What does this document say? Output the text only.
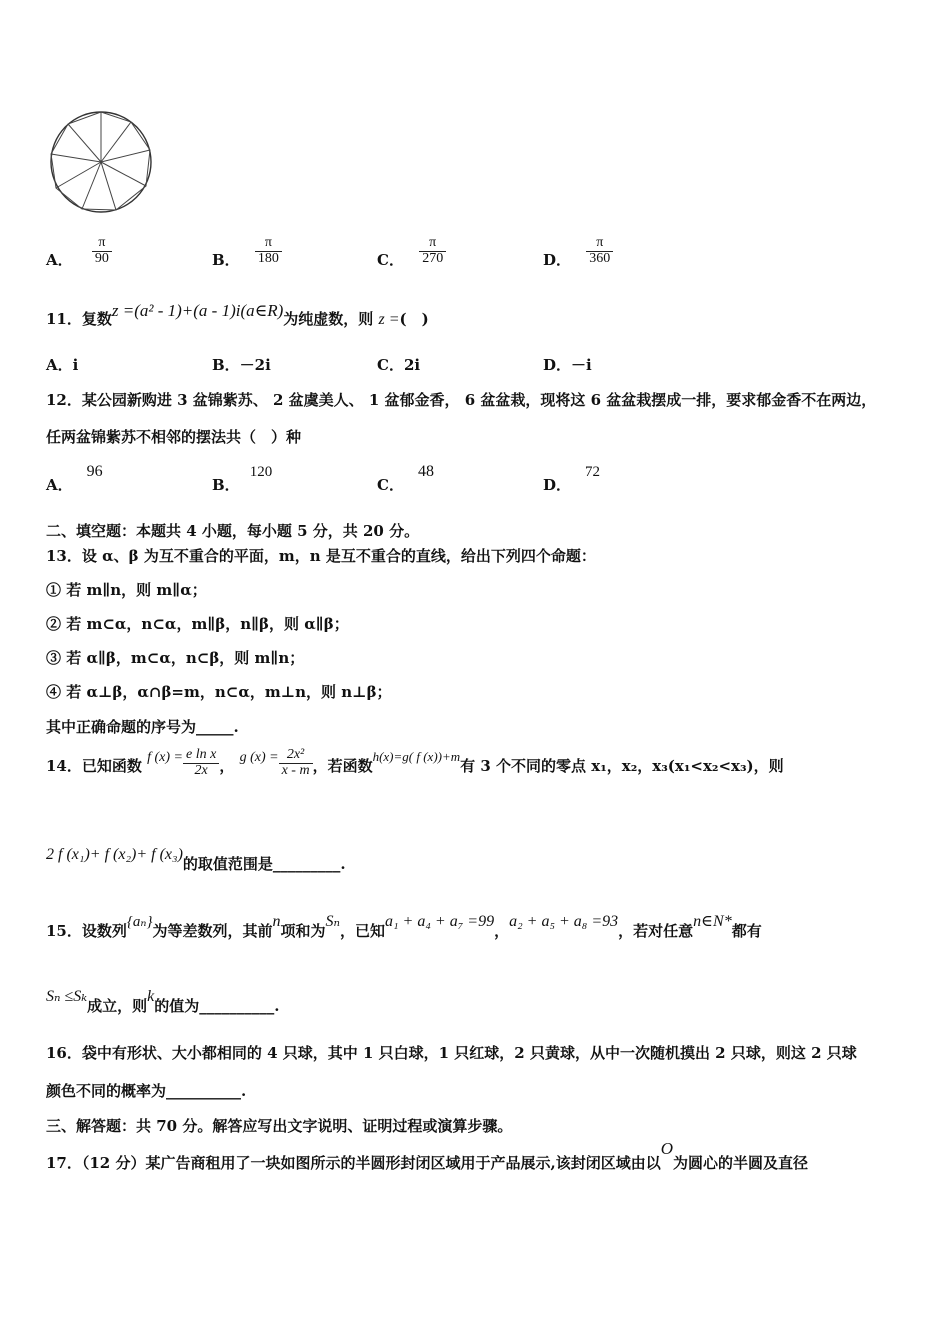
A． $\frac{\pi}{90}$	B． $\frac{\pi}{180}$	C． $\frac{\pi}{270}$	D． $\frac{\pi}{360}$
11．复数z =(a² - 1)+(a - 1)i(a∈R)为纯虚数，则 z =(　)
A．i	B．－2i	C．2i	D．－i
12．某公园新购进 3 盆锦紫苏、 2 盆虞美人、 1 盆郁金香， 6 盆盆栽，现将这 6 盆盆栽摆成一排，要求郁金香不在两边，
任两盆锦紫苏不相邻的摆法共（　）种
A．96
B．120
C．48
D．72
二、填空题：本题共 4 小题，每小题 5 分，共 20 分。
13．设 α、β 为互不重合的平面，m，n 是互不重合的直线，给出下列四个命题：
① 若 m∥n，则 m∥α；
② 若 m⊂α，n⊂α，m∥β，n∥β，则 α∥β；
③ 若 α∥β，m⊂α，n⊂β，则 m∥n；
④ 若 α⊥β，α∩β=m，n⊂α，m⊥n，则 n⊥β；
其中正确命题的序号为_____.
14．已知函数 f $(x) = \frac{\text{e ln x}}{2x}$ ， g $(x) = \frac{\text{2x²}}{x - m}$ ，若函数h(x)=g( f (x))+m有 3 个不同的零点 x₁，x₂，x₃(x₁<x₂<x₃)，则
2 f (x₁)+ f (x₂)+ f (x₃)的取值范围是_________.
15．设数列{aₙ}为等差数列，其前n项和为Sₙ，已知a₁ + a₄ + a₇ =99，a₂ + a₅ + a₈ =93，若对任意n∈N*都有
Sₙ ≤Sₖ成立，则k的值为__________.
16．袋中有形状、大小都相同的 4 只球，其中 1 只白球，1 只红球，2 只黄球，从中一次随机摸出 2 只球，则这 2 只球
颜色不同的概率为__________.
三、解答题：共 70 分。解答应写出文字说明、证明过程或演算步骤。
17．（12 分）某广告商租用了一块如图所示的半圆形封闭区域用于产品展示,该封闭区域由以O为圆心的半圆及直径
